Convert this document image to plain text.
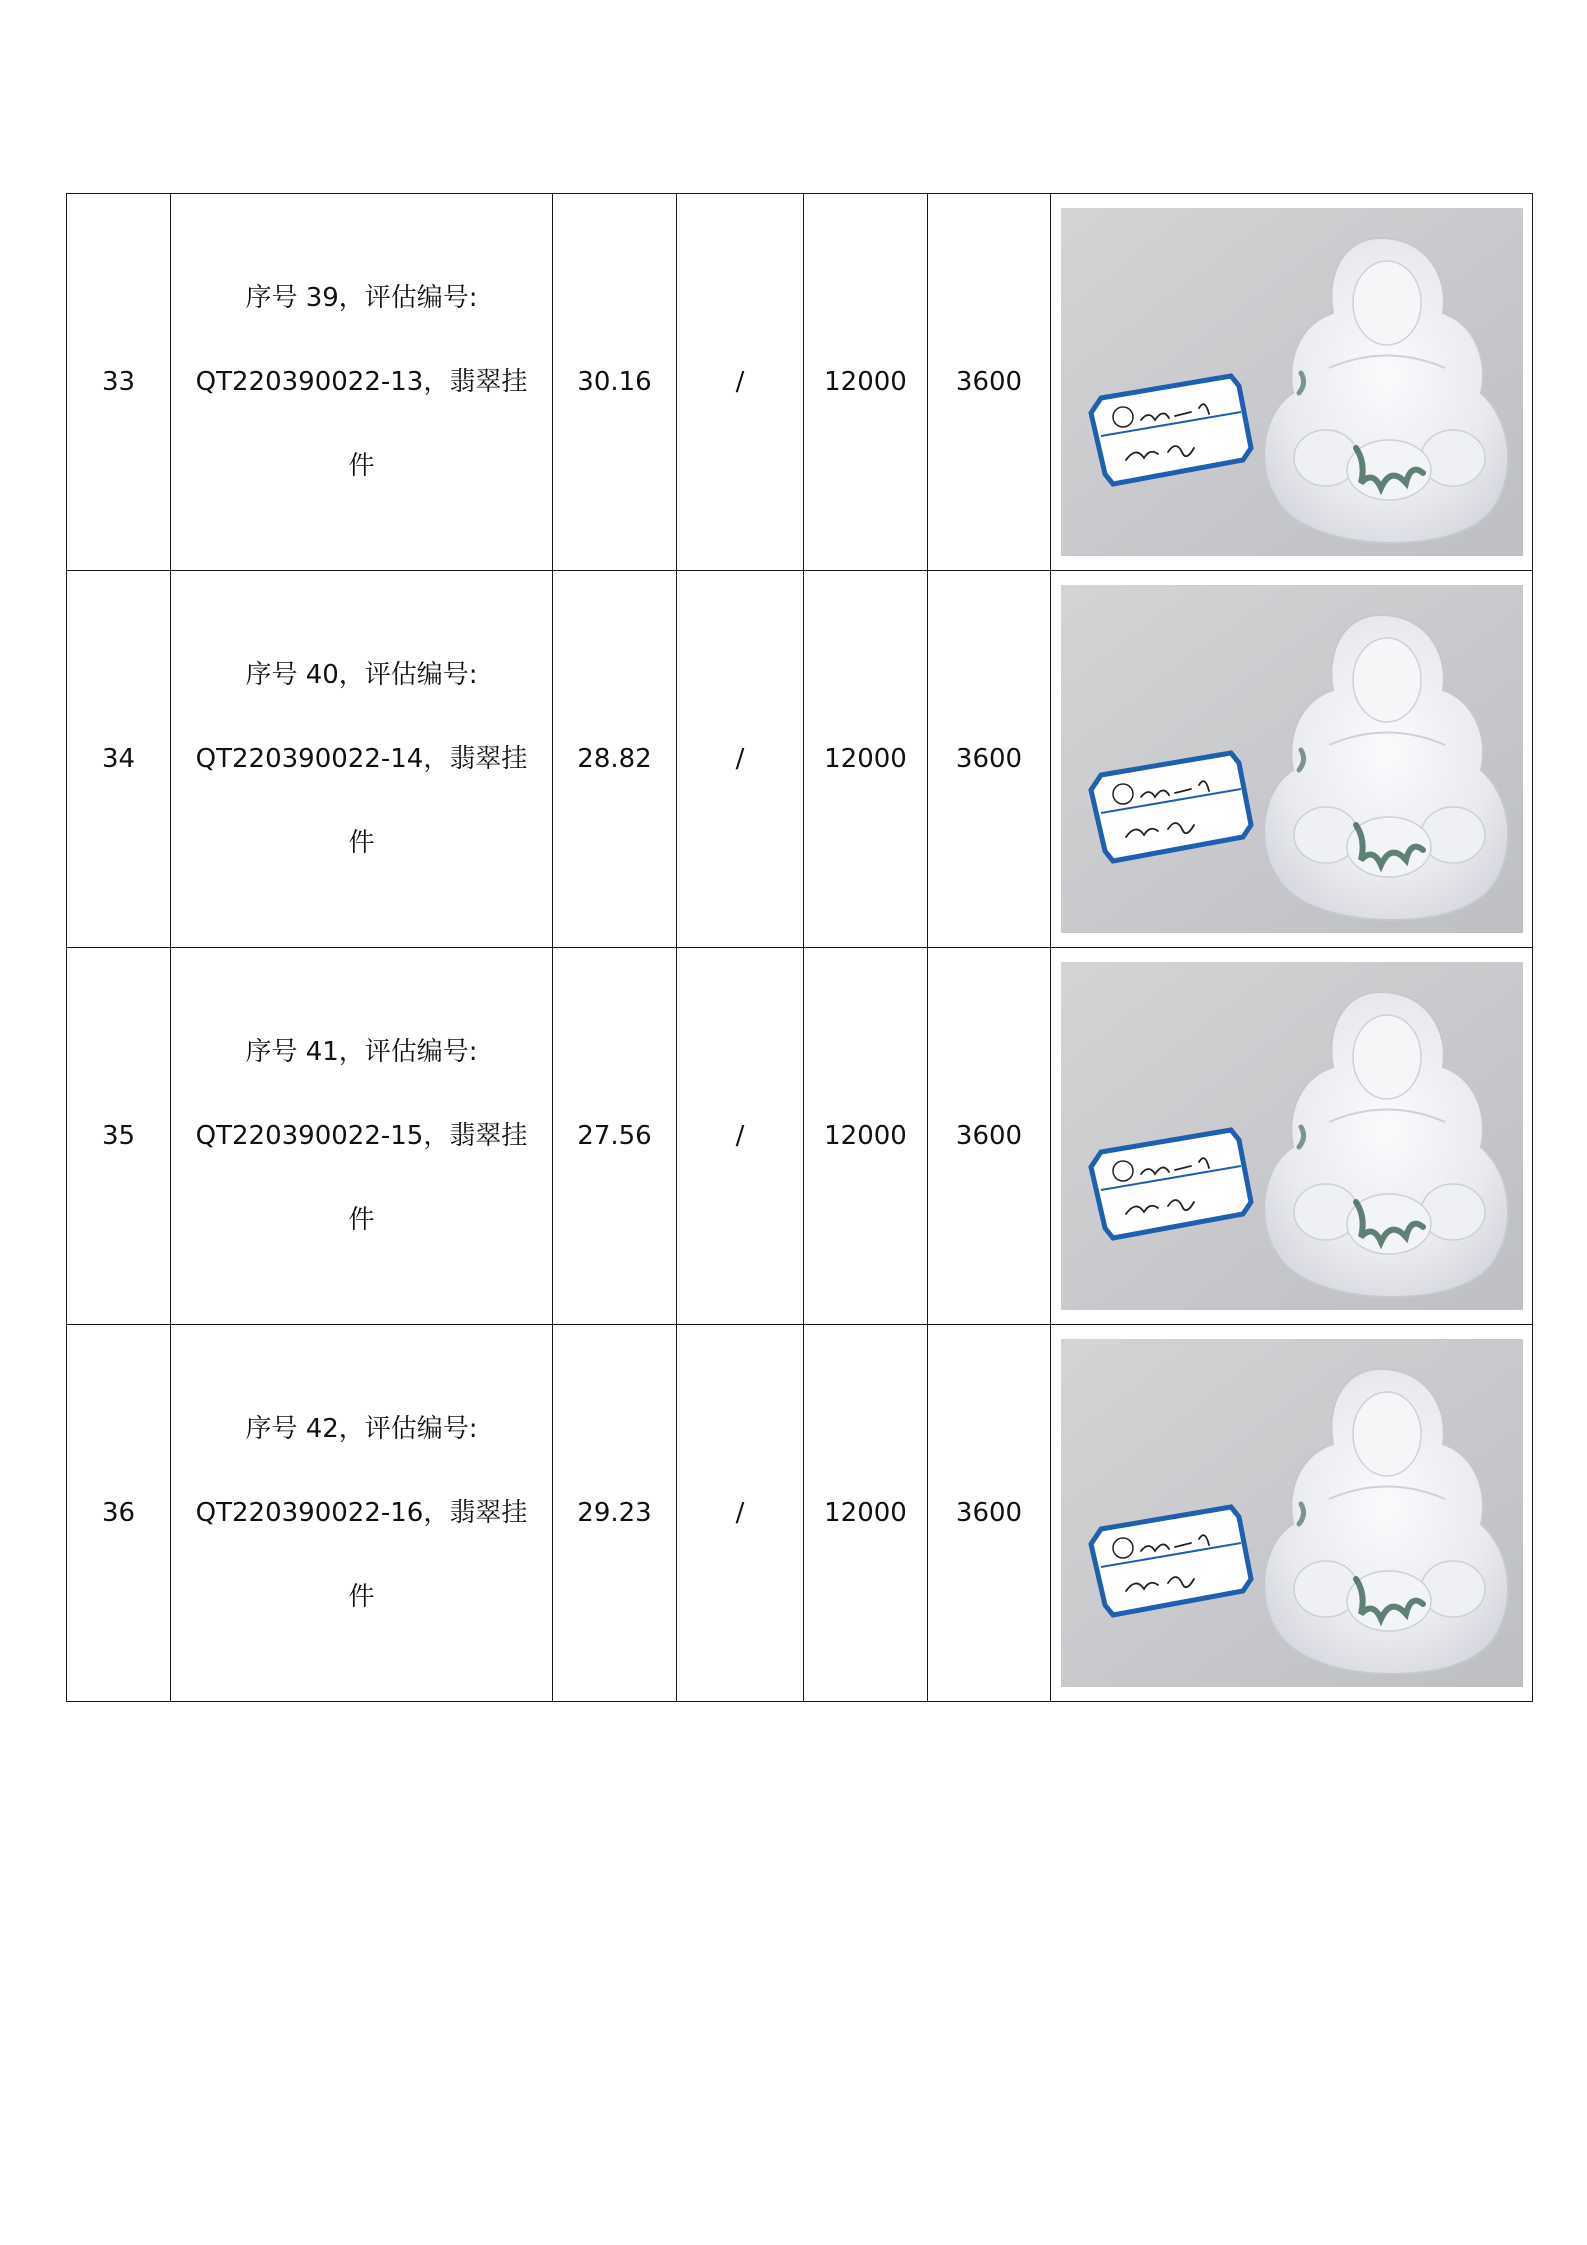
33	序号 39，评估编号:
QT220390022-13，翡翠挂
件	30.16	/	12000	3600	

34	序号 40，评估编号:
QT220390022-14，翡翠挂
件	28.82	/	12000	3600	

35	序号 41，评估编号:
QT220390022-15，翡翠挂
件	27.56	/	12000	3600	

36	序号 42，评估编号:
QT220390022-16，翡翠挂
件	29.23	/	12000	3600	
